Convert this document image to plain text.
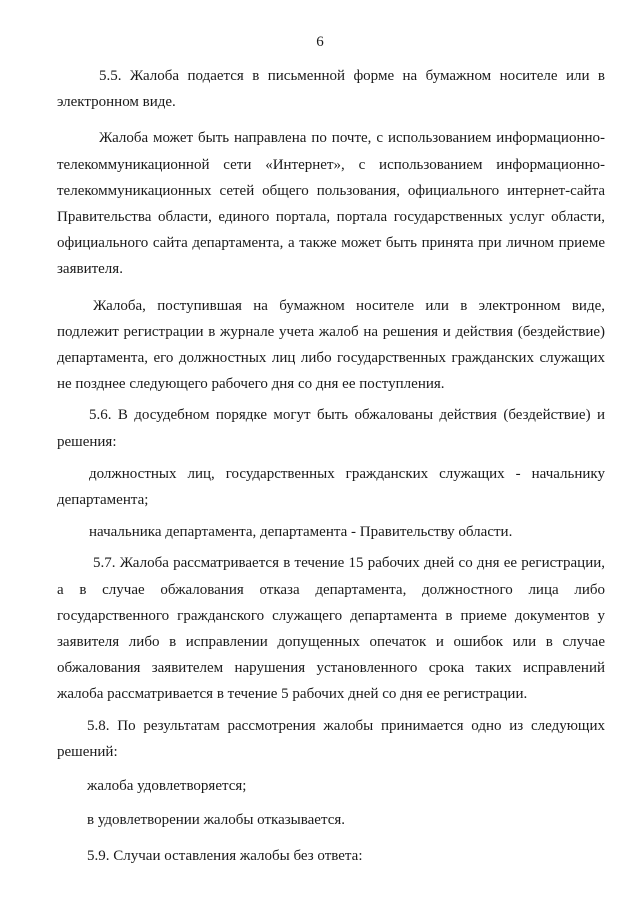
6

5.5. Жалоба подается в письменной форме на бумажном носителе или в электронном виде.

Жалоба может быть направлена по почте, с использованием информационно-телекоммуникационной сети «Интернет», с использованием информационно-телекоммуникационных сетей общего пользования, официального интернет-сайта Правительства области, единого портала, портала государственных услуг области, официального сайта департамента, а также может быть принята при личном приеме заявителя.

Жалоба, поступившая на бумажном носителе или в электронном виде, подлежит регистрации в журнале учета жалоб на решения и действия (бездействие) департамента, его должностных лиц либо государственных гражданских служащих не позднее следующего рабочего дня со дня ее поступления.

5.6. В досудебном порядке могут быть обжалованы действия (бездействие) и решения:

должностных лиц, государственных гражданских служащих - начальнику департамента;

начальника департамента, департамента - Правительству области.

5.7. Жалоба рассматривается в течение 15 рабочих дней со дня ее регистрации, а в случае обжалования отказа департамента, должностного лица либо государственного гражданского служащего департамента в приеме документов у заявителя либо в исправлении допущенных опечаток и ошибок или в случае обжалования заявителем нарушения установленного срока таких исправлений жалоба рассматривается в течение 5 рабочих дней со дня ее регистрации.

5.8. По результатам рассмотрения жалобы принимается одно из следующих решений:

жалоба удовлетворяется;

в удовлетворении жалобы отказывается.

5.9. Случаи оставления жалобы без ответа:
